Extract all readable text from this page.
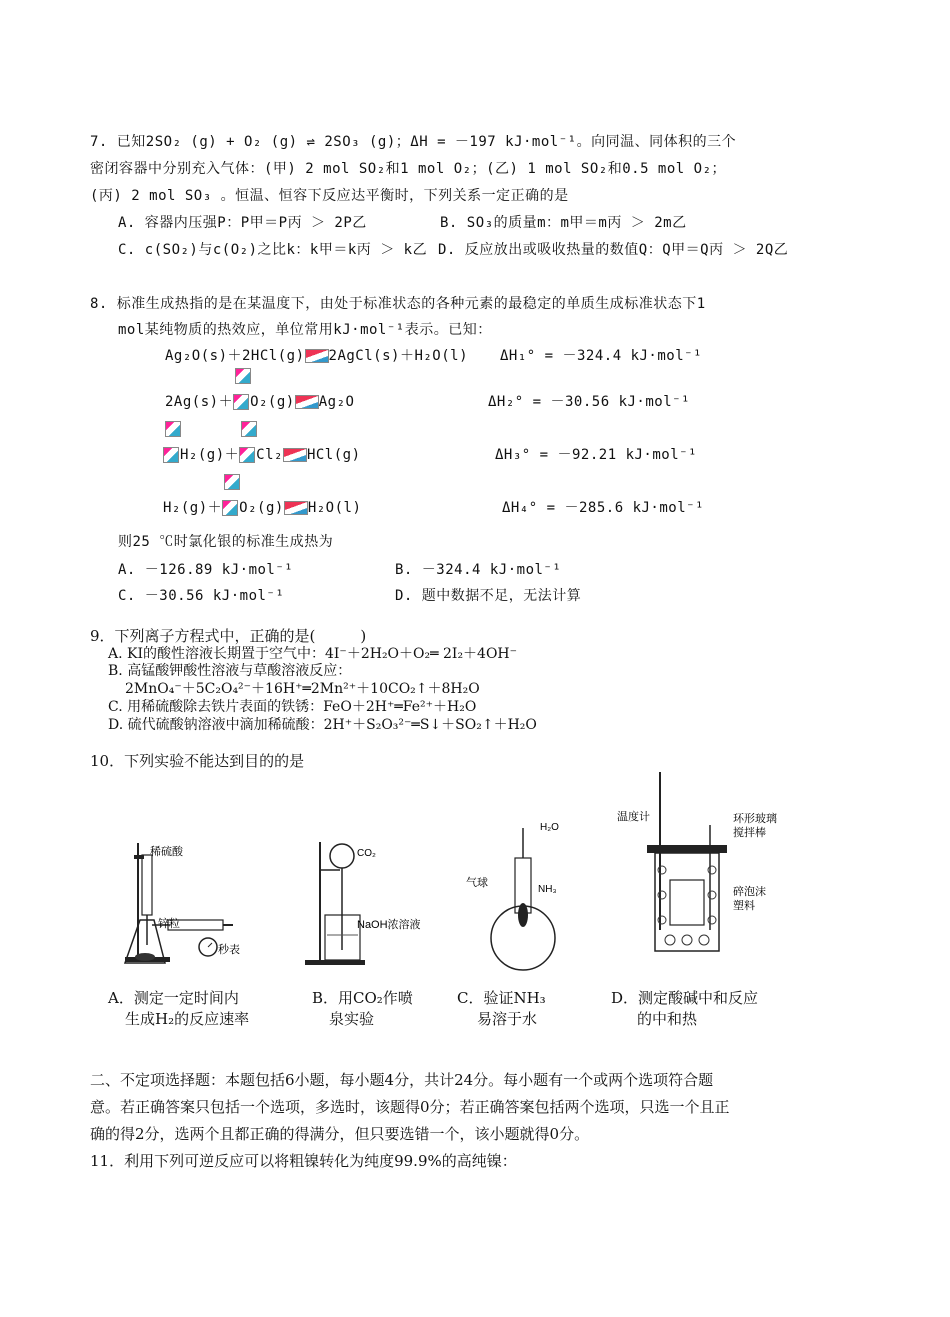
7. 已知2SO₂ (g) + O₂ (g) ⇌ 2SO₃ (g)；ΔH = －197 kJ·mol⁻¹。向同温、同体积的三个
密闭容器中分别充入气体：(甲) 2 mol SO₂和1 mol O₂；(乙) 1 mol SO₂和0.5 mol O₂；
(丙) 2 mol SO₃ 。恒温、恒容下反应达平衡时，下列关系一定正确的是
A. 容器内压强P：P甲＝P丙 ＞ 2P乙	B. SO₃的质量m：m甲＝m丙 ＞ 2m乙
C. c(SO₂)与c(O₂)之比k：k甲＝k丙 ＞ k乙 D. 反应放出或吸收热量的数值Q：Q甲＝Q丙 ＞ 2Q乙
8. 标准生成热指的是在某温度下，由处于标准状态的各种元素的最稳定的单质生成标准状态下1
mol某纯物质的热效应，单位常用kJ·mol⁻¹表示。已知：
Ag₂O(s)＋2HCl(g) 2AgCl(s)＋H₂O(l) ΔH₁° = －324.4 kJ·mol⁻¹
2Ag(s)＋ O₂(g) Ag₂O	ΔH₂° = －30.56 kJ·mol⁻¹
H₂(g)＋ Cl₂ HCl(g)	ΔH₃° = －92.21 kJ·mol⁻¹
H₂(g)＋ O₂(g) H₂O(l)	ΔH₄° = －285.6 kJ·mol⁻¹
则25 ℃时氯化银的标准生成热为
A. －126.89 kJ·mol⁻¹	B. －324.4 kJ·mol⁻¹
C. －30.56 kJ·mol⁻¹	D. 题中数据不足，无法计算
9．下列离子方程式中，正确的是(　　　)
A. KI的酸性溶液长期置于空气中：4I⁻＋2H₂O＋O₂═ 2I₂＋4OH⁻
B. 高锰酸钾酸性溶液与草酸溶液反应：
2MnO₄⁻＋5C₂O₄²⁻＋16H⁺═2Mn²⁺＋10CO₂↑＋8H₂O
C. 用稀硫酸除去铁片表面的铁锈：FeO＋2H⁺═Fe²⁺＋H₂O
D. 硫代硫酸钠溶液中滴加稀硫酸：2H⁺＋S₂O₃²⁻═S↓＋SO₂↑＋H₂O
10．下列实验不能达到目的的是
稀硫酸
锌粒
秒表
CO₂
NaOH浓溶液
H₂O
气球
NH₃
温度计	环形玻璃
搅拌棒
碎泡沫
塑料
A．测定一定时间内
生成H₂的反应速率
B．用CO₂作喷
泉实验
C．验证NH₃
易溶于水
D．测定酸碱中和反应
的中和热
二、不定项选择题：本题包括6小题，每小题4分，共计24分。每小题有一个或两个选项符合题
意。若正确答案只包括一个选项，多选时，该题得0分；若正确答案包括两个选项，只选一个且正
确的得2分，选两个且都正确的得满分，但只要选错一个，该小题就得0分。
11．利用下列可逆反应可以将粗镍转化为纯度99.9%的高纯镍：
